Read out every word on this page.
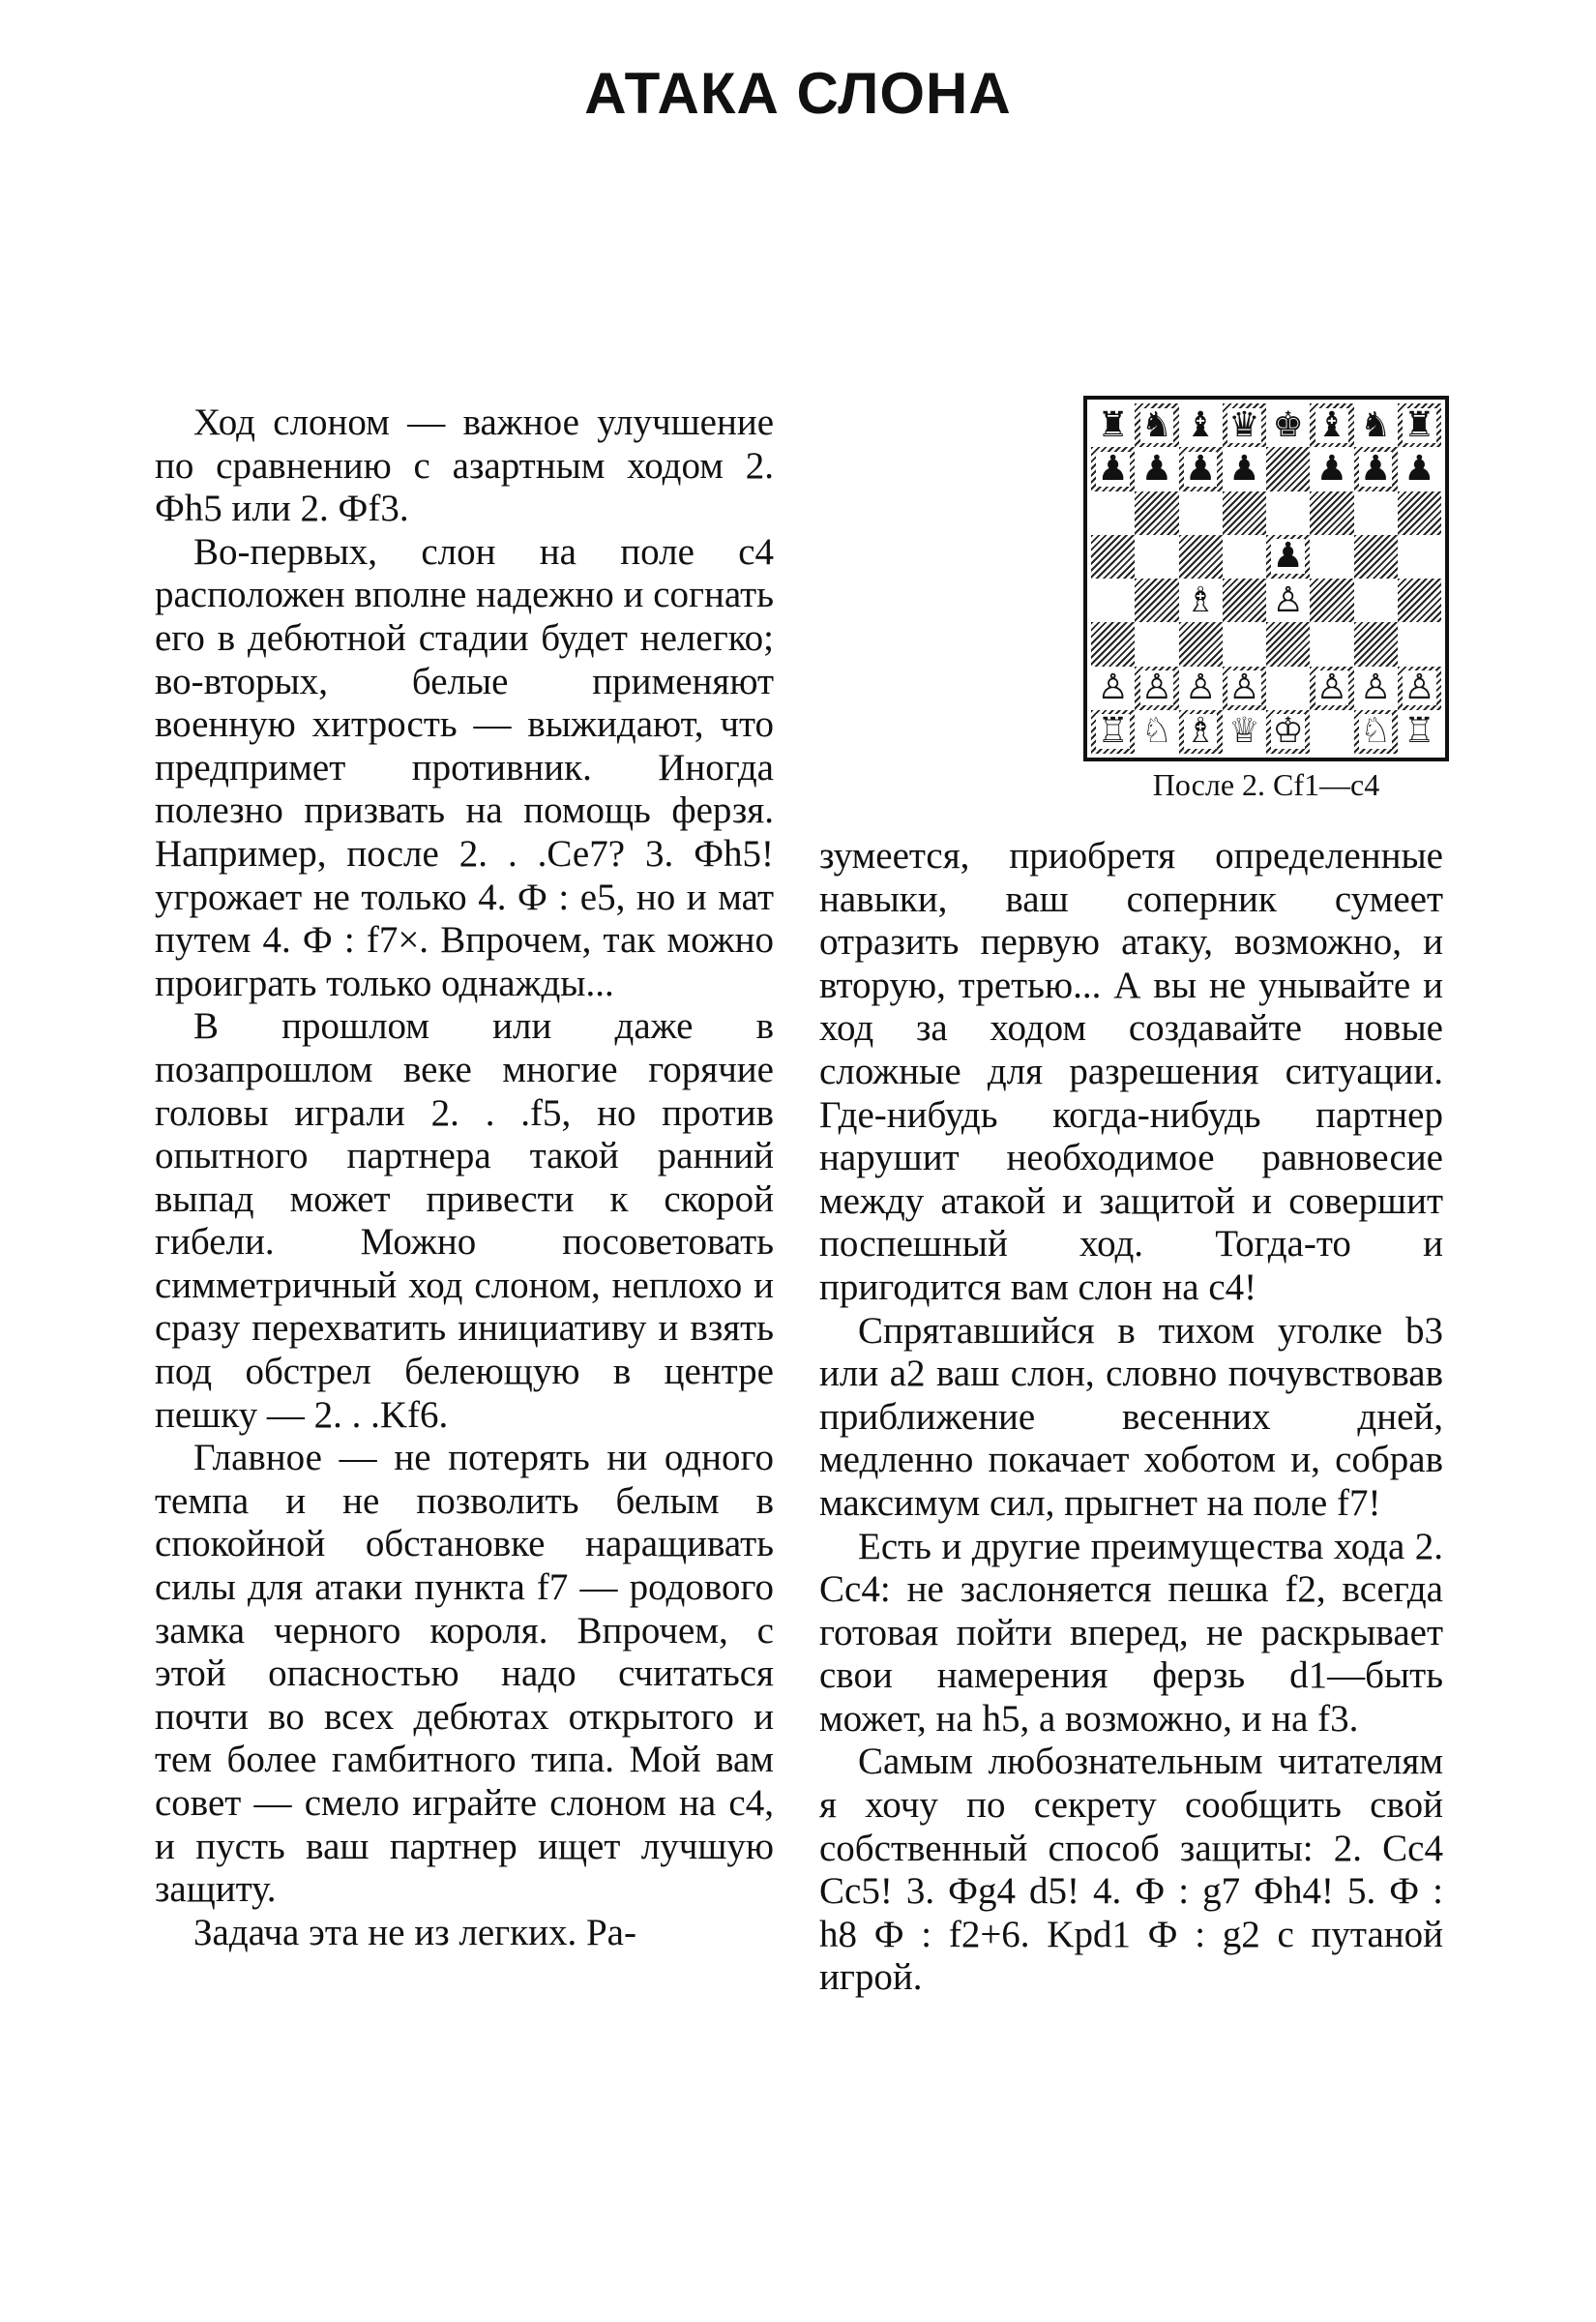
АТАКА СЛОНА

Ход слоном — важное улучшение по сравнению с азартным ходом 2. Фh5 или 2. Фf3.

Во-первых, слон на поле c4 расположен вполне надежно и согнать его в дебютной стадии будет нелегко; во-вторых, белые применяют военную хитрость — выжидают, что предпримет противник. Иногда полезно призвать на помощь ферзя. Например, после 2. . .Се7? 3. Фh5! угрожает не только 4. Ф : e5, но и мат путем 4. Ф : f7×. Впрочем, так можно проиграть только однажды...

В прошлом или даже в позапрошлом веке многие горячие головы играли 2. . .f5, но против опытного партнера такой ранний выпад может привести к скорой гибели. Можно посоветовать симметричный ход слоном, неплохо и сразу перехватить инициативу и взять под обстрел белеющую в центре пешку — 2. . .Kf6.

Главное — не потерять ни одного темпа и не позволить белым в спокойной обстановке наращивать силы для атаки пункта f7 — родового замка черного короля. Впрочем, с этой опасностью надо считаться почти во всех дебютах открытого и тем более гамбитного типа. Мой вам совет — смело играйте слоном на c4, и пусть ваш партнер ищет лучшую защиту.

Задача эта не из легких. Ра-

♜ ♞ ♝ ♛ ♚ ♝ ♞ ♜
♟ ♟ ♟ ♟ ♟ ♟ ♟
♟
♗ ♙
♙ ♙ ♙ ♙ ♙ ♙ ♙
♖ ♘ ♗ ♕ ♔ ♘ ♖
После 2. Cf1—c4

зумеется, приобретя определенные навыки, ваш соперник сумеет отразить первую атаку, возможно, и вторую, третью... А вы не унывайте и ход за ходом создавайте новые сложные для разрешения ситуации. Где-нибудь когда-нибудь партнер нарушит необходимое равновесие между атакой и защитой и совершит поспешный ход. Тогда-то и пригодится вам слон на c4!

Спрятавшийся в тихом уголке b3 или a2 ваш слон, словно почувствовав приближение весенних дней, медленно покачает хоботом и, собрав максимум сил, прыгнет на поле f7!

Есть и другие преимущества хода 2. Cc4: не заслоняется пешка f2, всегда готовая пойти вперед, не раскрывает свои намерения ферзь d1—быть может, на h5, а возможно, и на f3.

Самым любознательным читателям я хочу по секрету сообщить свой собственный способ защиты: 2. Cc4 Cc5! 3. Фg4 d5! 4. Ф : g7 Фh4! 5. Ф : h8 Ф : f2+6. Kpd1 Ф : g2 с путаной игрой.
